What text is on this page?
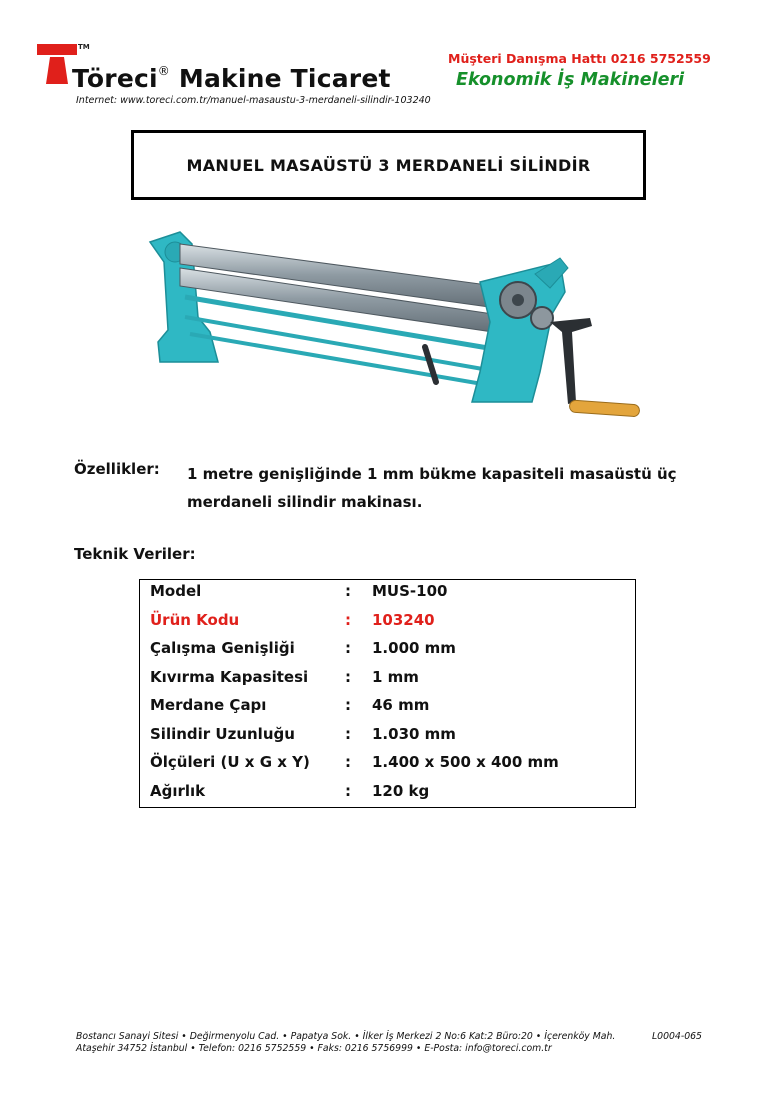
TM
Töreci® Makine Ticaret
Internet: www.toreci.com.tr/manuel-masaustu-3-merdaneli-silindir-103240
Müşteri Danışma Hattı 0216 5752559
Ekonomik İş Makineleri
MANUEL MASAÜSTÜ 3 MERDANELİ SİLİNDİR
Özellikler: 1 metre genişliğinde 1 mm bükme kapasiteli masaüstü üç merdaneli silindir makinası.
Teknik Veriler:
Model	: MUS-100
Ürün Kodu	: 103240
Çalışma Genişliği	: 1.000 mm
Kıvırma Kapasitesi : 1 mm
Merdane Çapı	: 46 mm
Silindir Uzunluğu	: 1.030 mm
Ölçüleri (U x G x Y) : 1.400 x 500 x 400 mm
Ağırlık	: 120 kg
Bostancı Sanayi Sitesi • Değirmenyolu Cad. • Papatya Sok. • İlker İş Merkezi 2 No:6 Kat:2 Büro:20 • İçerenköy Mah.
Ataşehir 34752 İstanbul • Telefon: 0216 5752559 • Faks: 0216 5756999 • E-Posta: info@toreci.com.tr
L0004-065
